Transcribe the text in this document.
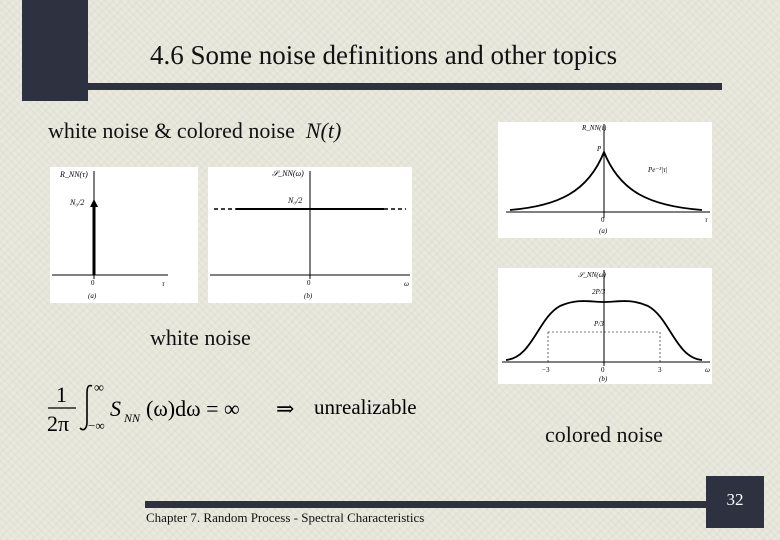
4.6 Some noise definitions and other topics
white noise & colored noise N(t)
R_NN(τ)
N₀/2
0	τ
(a)
𝒮_NN(ω)
N₀/2
0	ω
(b)
R_NN(τ)
P
Pe⁻³|τ|
0	τ
(a)
𝒮_NN(ω)
2P/3
P/3
−3	0	3	ω
(b)
white noise
colored noise
1
2π
∞
−∞
S NN (ω)dω = ∞ ⇒ unrealizable
32
Chapter 7. Random Process - Spectral Characteristics
